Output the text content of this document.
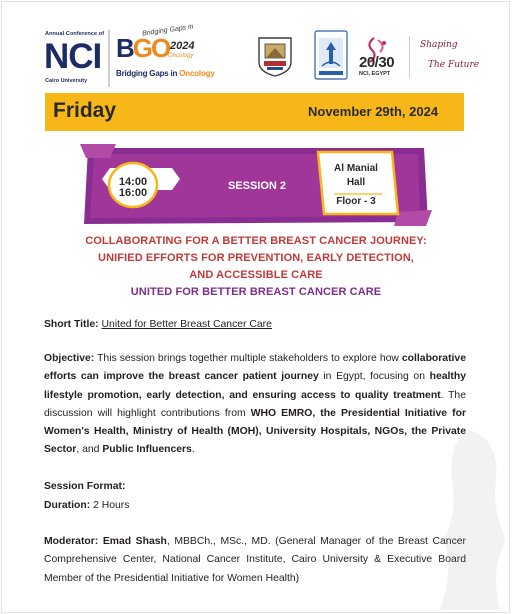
Annual Conference of
NCI
Cairo University
Bridging Gaps in
BGO 2024
Oncology
Bridging Gaps in Oncology
20/30
NCI, EGYPT
Shaping
The Future
Friday	November 29th, 2024
14:00
16:00
SESSION 2
Al Manial
Hall
Floor - 3
COLLABORATING FOR A BETTER BREAST CANCER JOURNEY:
UNIFIED EFFORTS FOR PREVENTION, EARLY DETECTION,
AND ACCESSIBLE CARE
UNITED FOR BETTER BREAST CANCER CARE
Short Title: United for Better Breast Cancer Care
Objective: This session brings together multiple stakeholders to explore how collaborative efforts can improve the breast cancer patient journey in Egypt, focusing on healthy lifestyle promotion, early detection, and ensuring access to quality treatment. The discussion will highlight contributions from WHO EMRO, the Presidential Initiative for Women's Health, Ministry of Health (MOH), University Hospitals, NGOs, the Private Sector, and Public Influencers.
Session Format:
Duration: 2 Hours
Moderator: Emad Shash, MBBCh., MSc., MD. (General Manager of the Breast Cancer Comprehensive Center, National Cancer Institute, Cairo University & Executive Board Member of the Presidential Initiative for Women Health)
